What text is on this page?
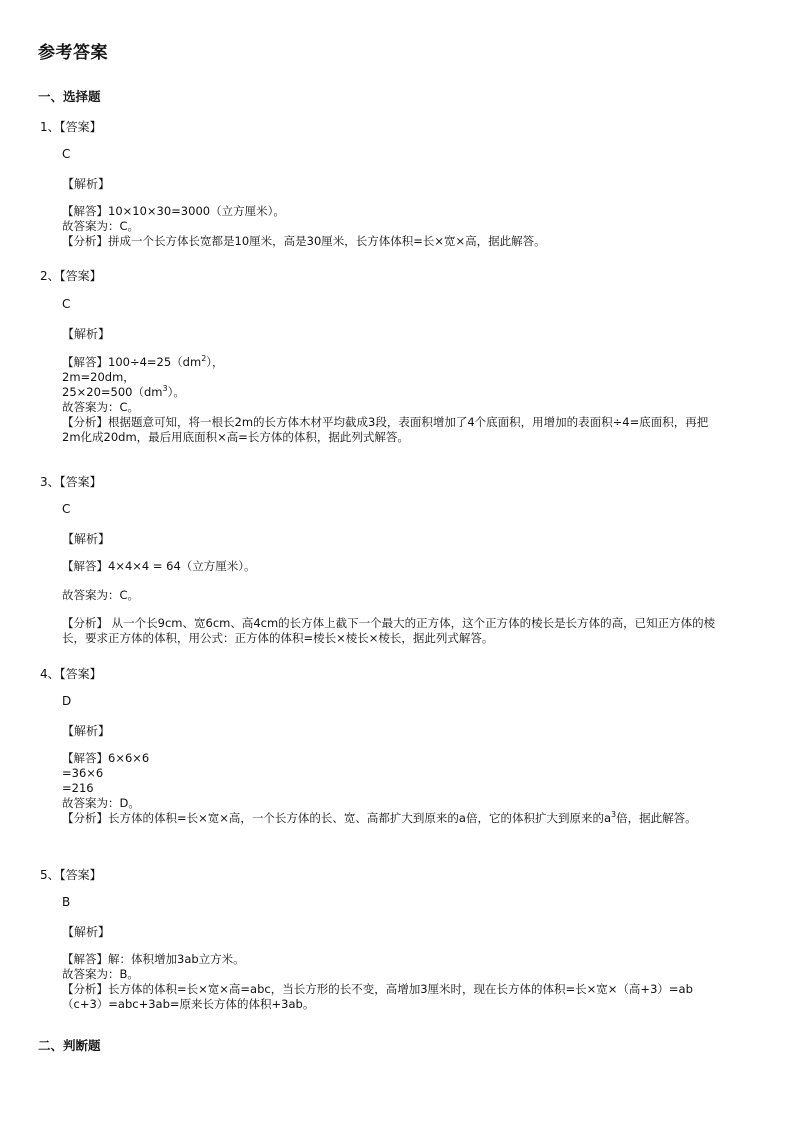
参考答案
一、选择题
1、【答案】
C
【解析】
【解答】10×10×30=3000（立方厘米）。
故答案为：C。
【分析】拼成一个长方体长宽都是10厘米，高是30厘米，长方体体积=长×宽×高，据此解答。
2、【答案】
C
【解析】
【解答】$100\div 4=25(dm^2)$，
2m=20dm，
$25\times 20=500(dm^3)$。
故答案为：C。
【分析】根据题意可知，将一根长2m的长方体木材平均截成3段，表面积增加了4个底面积，用增加的表面积÷4=底面积，再把2m化成20dm，最后用底面积×高=长方体的体积，据此列式解答。
3、【答案】
C
【解析】
【解答】4×4×4 = 64（立方厘米）。
故答案为：C。
【分析】 从一个长9cm、宽6cm、高4cm的长方体上截下一个最大的正方体，这个正方体的棱长是长方体的高，已知正方体的棱长，要求正方体的体积，用公式：正方体的体积=棱长×棱长×棱长，据此列式解答。
4、【答案】
D
【解析】
【解答】6×6×6
=36×6
=216
故答案为：D。
【分析】长方体的体积=长×宽×高，一个长方体的长、宽、高都扩大到原来的a倍，它的体积扩大到原来的$a^3$倍，据此解答。
5、【答案】
B
【解析】
【解答】解：体积增加3ab立方米。
故答案为：B。
【分析】长方体的体积=长×宽×高=abc，当长方形的长不变，高增加3厘米时，现在长方体的体积=长×宽×（高+3）=ab（c+3）=abc+3ab=原来长方体的体积+3ab。
二、判断题
